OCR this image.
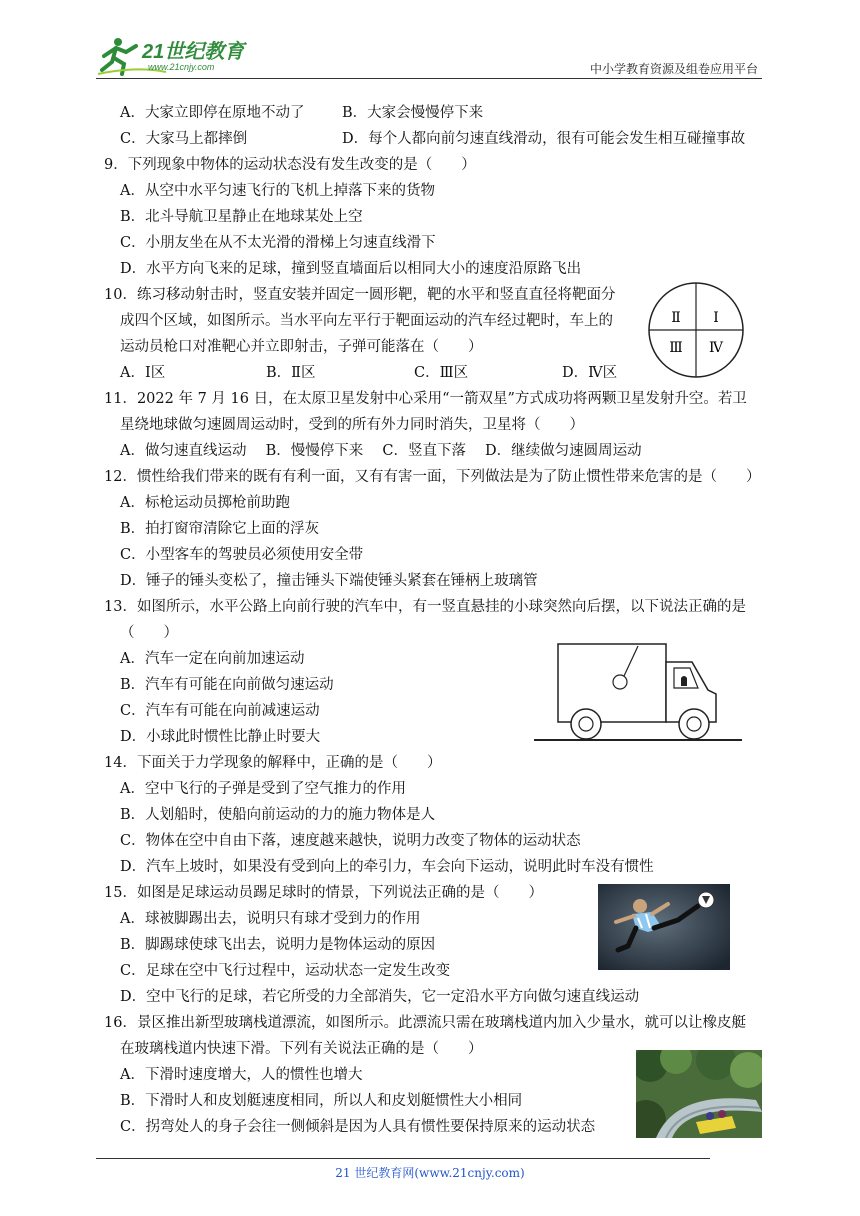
21世纪教育
www.21cnjy.com	中小学教育资源及组卷应用平台
A．大家立即停在原地不动了	B．大家会慢慢停下来
C．大家马上都摔倒	D．每个人都向前匀速直线滑动，很有可能会发生相互碰撞事故
9．下列现象中物体的运动状态没有发生改变的是（　　）
A．从空中水平匀速飞行的飞机上掉落下来的货物
B．北斗导航卫星静止在地球某处上空
C．小朋友坐在从不太光滑的滑梯上匀速直线滑下
D．水平方向飞来的足球，撞到竖直墙面后以相同大小的速度沿原路飞出
10．练习移动射击时，竖直安装并固定一圆形靶，靶的水平和竖直直径将靶面分
成四个区域，如图所示。当水平向左平行于靶面运动的汽车经过靶时，车上的
运动员枪口对准靶心并立即射击，子弹可能落在（　　）
A．Ⅰ区	B．Ⅱ区	C．Ⅲ区	D．Ⅳ区
Ⅱ Ⅰ
Ⅲ Ⅳ
11．2022 年 7 月 16 日，在太原卫星发射中心采用“一箭双星”方式成功将两颗卫星发射升空。若卫
星绕地球做匀速圆周运动时，受到的所有外力同时消失，卫星将（　　）
A．做匀速直线运动　 B．慢慢停下来　 C．竖直下落　 D．继续做匀速圆周运动
12．惯性给我们带来的既有有利一面，又有有害一面，下列做法是为了防止惯性带来危害的是（　　）
A．标枪运动员掷枪前助跑
B．拍打窗帘清除它上面的浮灰
C．小型客车的驾驶员必须使用安全带
D．锤子的锤头变松了，撞击锤头下端使锤头紧套在锤柄上玻璃管
13．如图所示，水平公路上向前行驶的汽车中，有一竖直悬挂的小球突然向后摆，以下说法正确的是
（　　）
A．汽车一定在向前加速运动
B．汽车有可能在向前做匀速运动
C．汽车有可能在向前减速运动
D．小球此时惯性比静止时要大
14．下面关于力学现象的解释中，正确的是（　　）
A．空中飞行的子弹是受到了空气推力的作用
B．人划船时，使船向前运动的力的施力物体是人
C．物体在空中自由下落，速度越来越快，说明力改变了物体的运动状态
D．汽车上坡时，如果没有受到向上的牵引力，车会向下运动，说明此时车没有惯性
15．如图是足球运动员踢足球时的情景，下列说法正确的是（　　）
A．球被脚踢出去，说明只有球才受到力的作用
B．脚踢球使球飞出去，说明力是物体运动的原因
C．足球在空中飞行过程中，运动状态一定发生改变
D．空中飞行的足球，若它所受的力全部消失，它一定沿水平方向做匀速直线运动
16．景区推出新型玻璃栈道漂流，如图所示。此漂流只需在玻璃栈道内加入少量水，就可以让橡皮艇
在玻璃栈道内快速下滑。下列有关说法正确的是（　　）
A．下滑时速度增大，人的惯性也增大
B．下滑时人和皮划艇速度相同，所以人和皮划艇惯性大小相同
C．拐弯处人的身子会往一侧倾斜是因为人具有惯性要保持原来的运动状态
21 世纪教育网(www.21cnjy.com)
